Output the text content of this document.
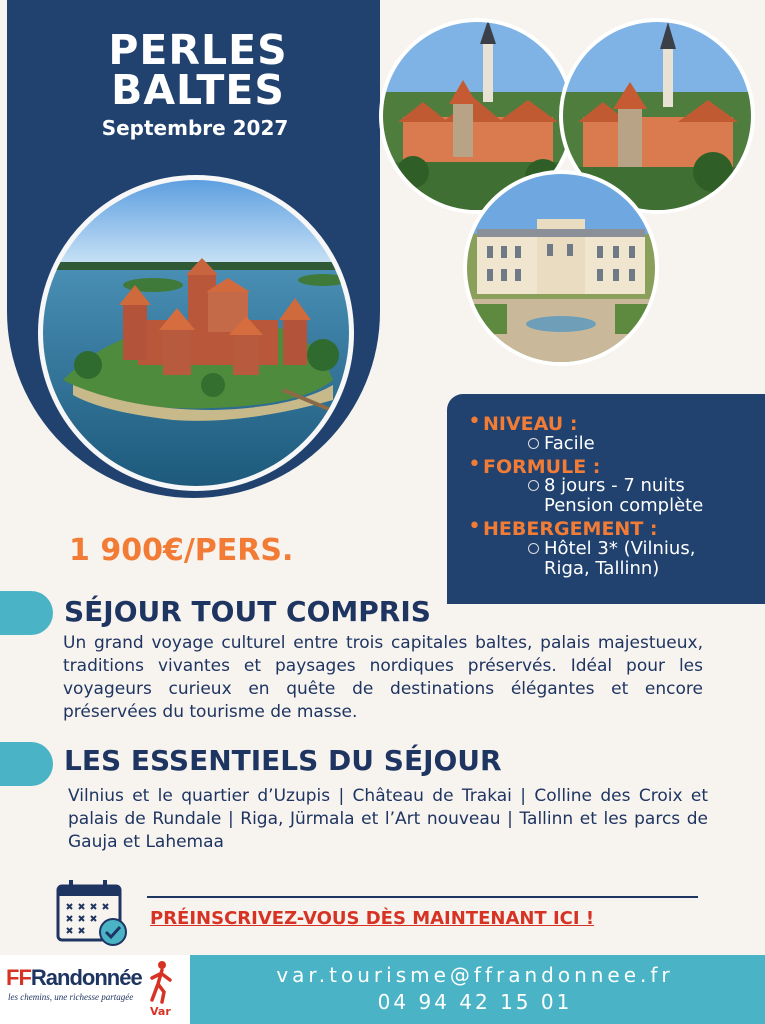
PERLES
BALTES
Septembre 2027
• NIVEAU :
Facile
• FORMULE :
8 jours - 7 nuits
Pension complète
• HEBERGEMENT :
Hôtel 3* (Vilnius,
Riga, Tallinn)
1 900€/PERS.
SÉJOUR TOUT COMPRIS
Un grand voyage culturel entre trois capitales baltes, palais majestueux, traditions vivantes et paysages nordiques préservés. Idéal pour les voyageurs curieux en quête de destinations élégantes et encore préservées du tourisme de masse.
LES ESSENTIELS DU SÉJOUR
Vilnius et le quartier d’Uzupis | Château de Trakai | Colline des Croix et palais de Rundale | Riga, Jürmala et l’Art nouveau | Tallinn et les parcs de Gauja et Lahemaa
PRÉINSCRIVEZ-VOUS DÈS MAINTENANT ICI !
FFRandonnée
les chemins, une richesse partagée
Var
var.tourisme@ffrandonnee.fr
04 94 42 15 01
